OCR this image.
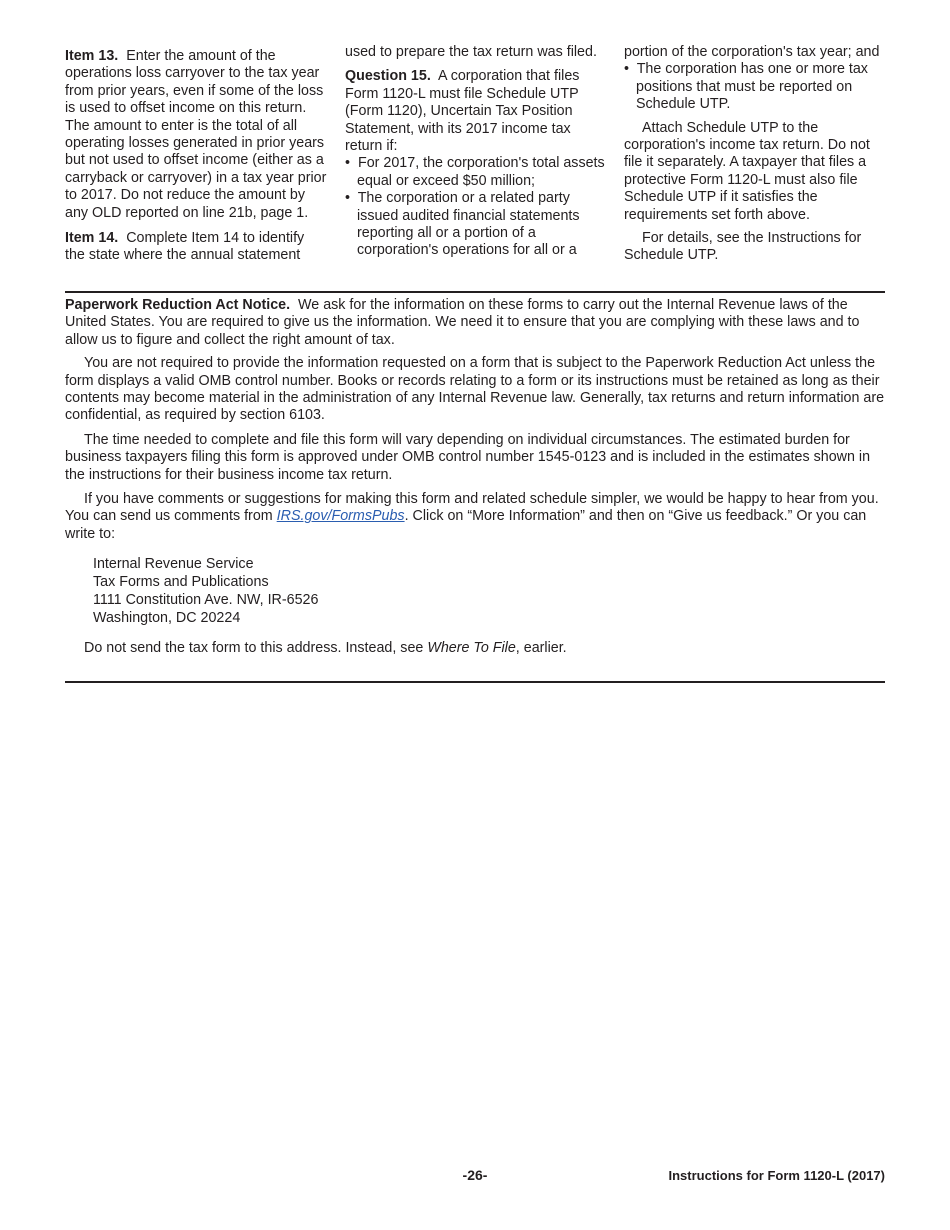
Item 13. Enter the amount of the operations loss carryover to the tax year from prior years, even if some of the loss is used to offset income on this return. The amount to enter is the total of all operating losses generated in prior years but not used to offset income (either as a carryback or carryover) in a tax year prior to 2017. Do not reduce the amount by any OLD reported on line 21b, page 1.

Item 14. Complete Item 14 to identify the state where the annual statement

used to prepare the tax return was filed.

Question 15. A corporation that files Form 1120-L must file Schedule UTP (Form 1120), Uncertain Tax Position Statement, with its 2017 income tax return if:

• For 2017, the corporation's total assets equal or exceed $50 million;

• The corporation or a related party issued audited financial statements reporting all or a portion of a corporation's operations for all or a

portion of the corporation's tax year; and

• The corporation has one or more tax positions that must be reported on Schedule UTP.

Attach Schedule UTP to the corporation's income tax return. Do not file it separately. A taxpayer that files a protective Form 1120-L must also file Schedule UTP if it satisfies the requirements set forth above.

For details, see the Instructions for Schedule UTP.

Paperwork Reduction Act Notice. We ask for the information on these forms to carry out the Internal Revenue laws of the United States. You are required to give us the information. We need it to ensure that you are complying with these laws and to allow us to figure and collect the right amount of tax.

You are not required to provide the information requested on a form that is subject to the Paperwork Reduction Act unless the form displays a valid OMB control number. Books or records relating to a form or its instructions must be retained as long as their contents may become material in the administration of any Internal Revenue law. Generally, tax returns and return information are confidential, as required by section 6103.

The time needed to complete and file this form will vary depending on individual circumstances. The estimated burden for business taxpayers filing this form is approved under OMB control number 1545-0123 and is included in the estimates shown in the instructions for their business income tax return.

If you have comments or suggestions for making this form and related schedule simpler, we would be happy to hear from you. You can send us comments from IRS.gov/FormsPubs. Click on “More Information” and then on “Give us feedback.” Or you can write to:

Internal Revenue Service
Tax Forms and Publications
1111 Constitution Ave. NW, IR-6526
Washington, DC 20224

Do not send the tax form to this address. Instead, see Where To File, earlier.

-26-	Instructions for Form 1120-L (2017)
